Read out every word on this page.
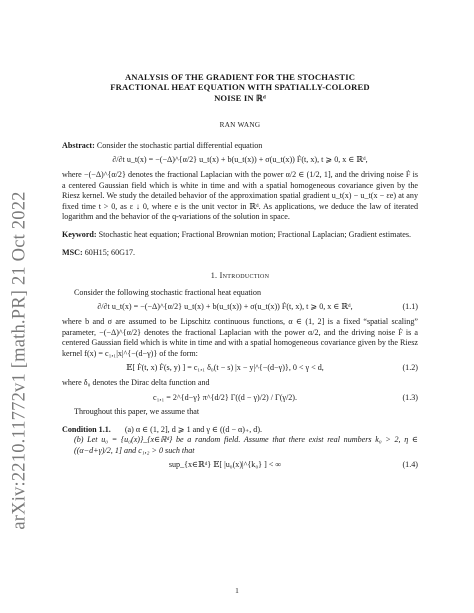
arXiv:2210.11772v1 [math.PR] 21 Oct 2022
ANALYSIS OF THE GRADIENT FOR THE STOCHASTIC
FRACTIONAL HEAT EQUATION WITH SPATIALLY-COLORED
NOISE IN ℝᵈ
RAN WANG

Abstract: Consider the stochastic partial differential equation

∂/∂t u_t(x) = −(−Δ)^{α/2} u_t(x) + b(u_t(x)) + σ(u_t(x)) Ḟ(t, x), t ⩾ 0, x ∈ ℝᵈ,

where −(−Δ)^{α/2} denotes the fractional Laplacian with the power α/2 ∈ (1/2, 1], and the driving noise Ḟ is a centered Gaussian field which is white in time and with a spatial homogeneous covariance given by the Riesz kernel. We study the detailed behavior of the approximation spatial gradient u_t(x) − u_t(x − εe) at any fixed time t > 0, as ε ↓ 0, where e is the unit vector in ℝᵈ. As applications, we deduce the law of iterated logarithm and the behavior of the q-variations of the solution in space.

Keyword: Stochastic heat equation; Fractional Brownian motion; Fractional Laplacian; Gradient estimates.

MSC: 60H15; 60G17.

1. Introduction

Consider the following stochastic fractional heat equation

∂/∂t u_t(x) = −(−Δ)^{α/2} u_t(x) + b(u_t(x)) + σ(u_t(x)) Ḟ(t, x), t ⩾ 0, x ∈ ℝᵈ,	(1.1)

where b and σ are assumed to be Lipschitz continuous functions, α ∈ (1, 2] is a fixed “spatial scaling” parameter, −(−Δ)^{α/2} denotes the fractional Laplacian with the power α/2, and the driving noise Ḟ is a centered Gaussian field which is white in time and with a spatial homogeneous covariance given by the Riesz kernel f(x) = c₁,₁|x|^{−(d−γ)} of the form:

𝔼[ Ḟ(t, x) Ḟ(s, y) ] = c₁,₁ δ₀(t − s) |x − y|^{−(d−γ)}, 0 < γ < d,	(1.2)

where δ₀ denotes the Dirac delta function and

c₁,₁ = 2^{d−γ} π^{d/2} Γ((d − γ)/2) / Γ(γ/2).	(1.3)

Throughout this paper, we assume that

Condition 1.1. (a) α ∈ (1, 2], d ⩾ 1 and γ ∈ ((d − α)₊, d).

(b) Let u₀ = {u₀(x)}_{x∈ℝᵈ} be a random field. Assume that there exist real numbers k₀ > 2, η ∈ ((α−d+γ)/2, 1] and c₁,₂ > 0 such that

sup_{x∈ℝᵈ} 𝔼[ |u₀(x)|^{k₀} ] < ∞	(1.4)
1
